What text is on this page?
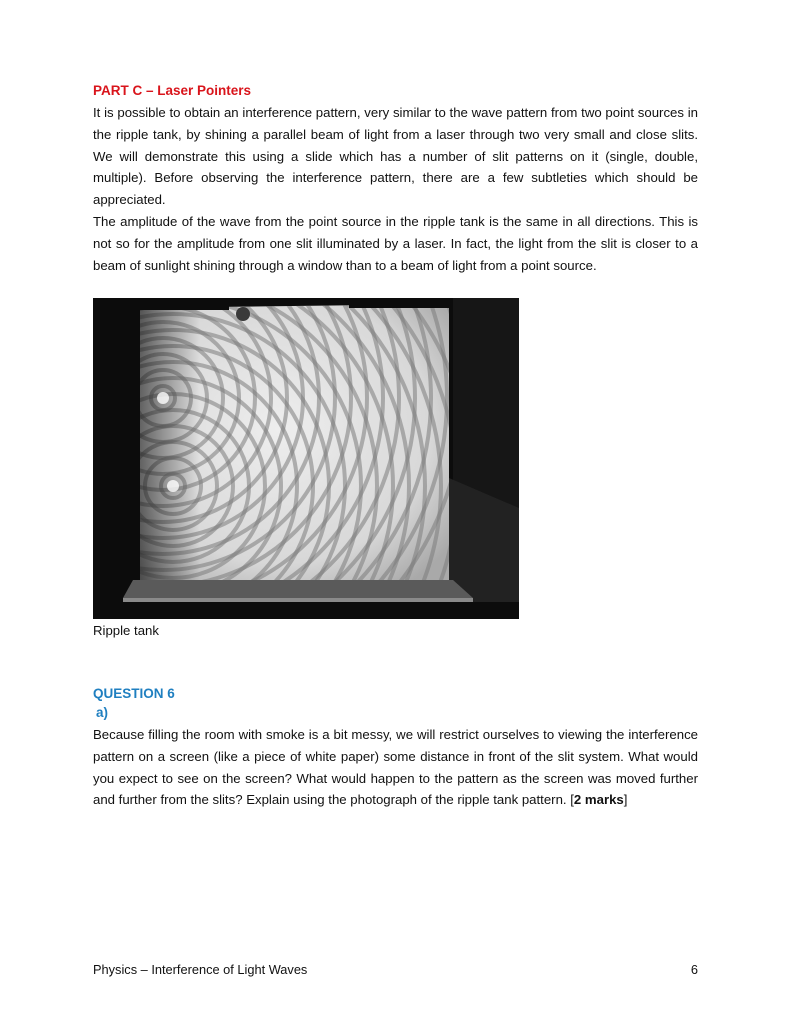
PART C – Laser Pointers

It is possible to obtain an interference pattern, very similar to the wave pattern from two point sources in the ripple tank, by shining a parallel beam of light from a laser through two very small and close slits. We will demonstrate this using a slide which has a number of slit patterns on it (single, double, multiple). Before observing the interference pattern, there are a few subtleties which should be appreciated.

The amplitude of the wave from the point source in the ripple tank is the same in all directions. This is not so for the amplitude from one slit illuminated by a laser. In fact, the light from the slit is closer to a beam of sunlight shining through a window than to a beam of light from a point source.

Ripple tank

QUESTION 6

a)

Because filling the room with smoke is a bit messy, we will restrict ourselves to viewing the interference pattern on a screen (like a piece of white paper) some distance in front of the slit system. What would you expect to see on the screen? What would happen to the pattern as the screen was moved further and further from the slits? Explain using the photograph of the ripple tank pattern. [2 marks]

Physics – Interference of Light Waves	6
